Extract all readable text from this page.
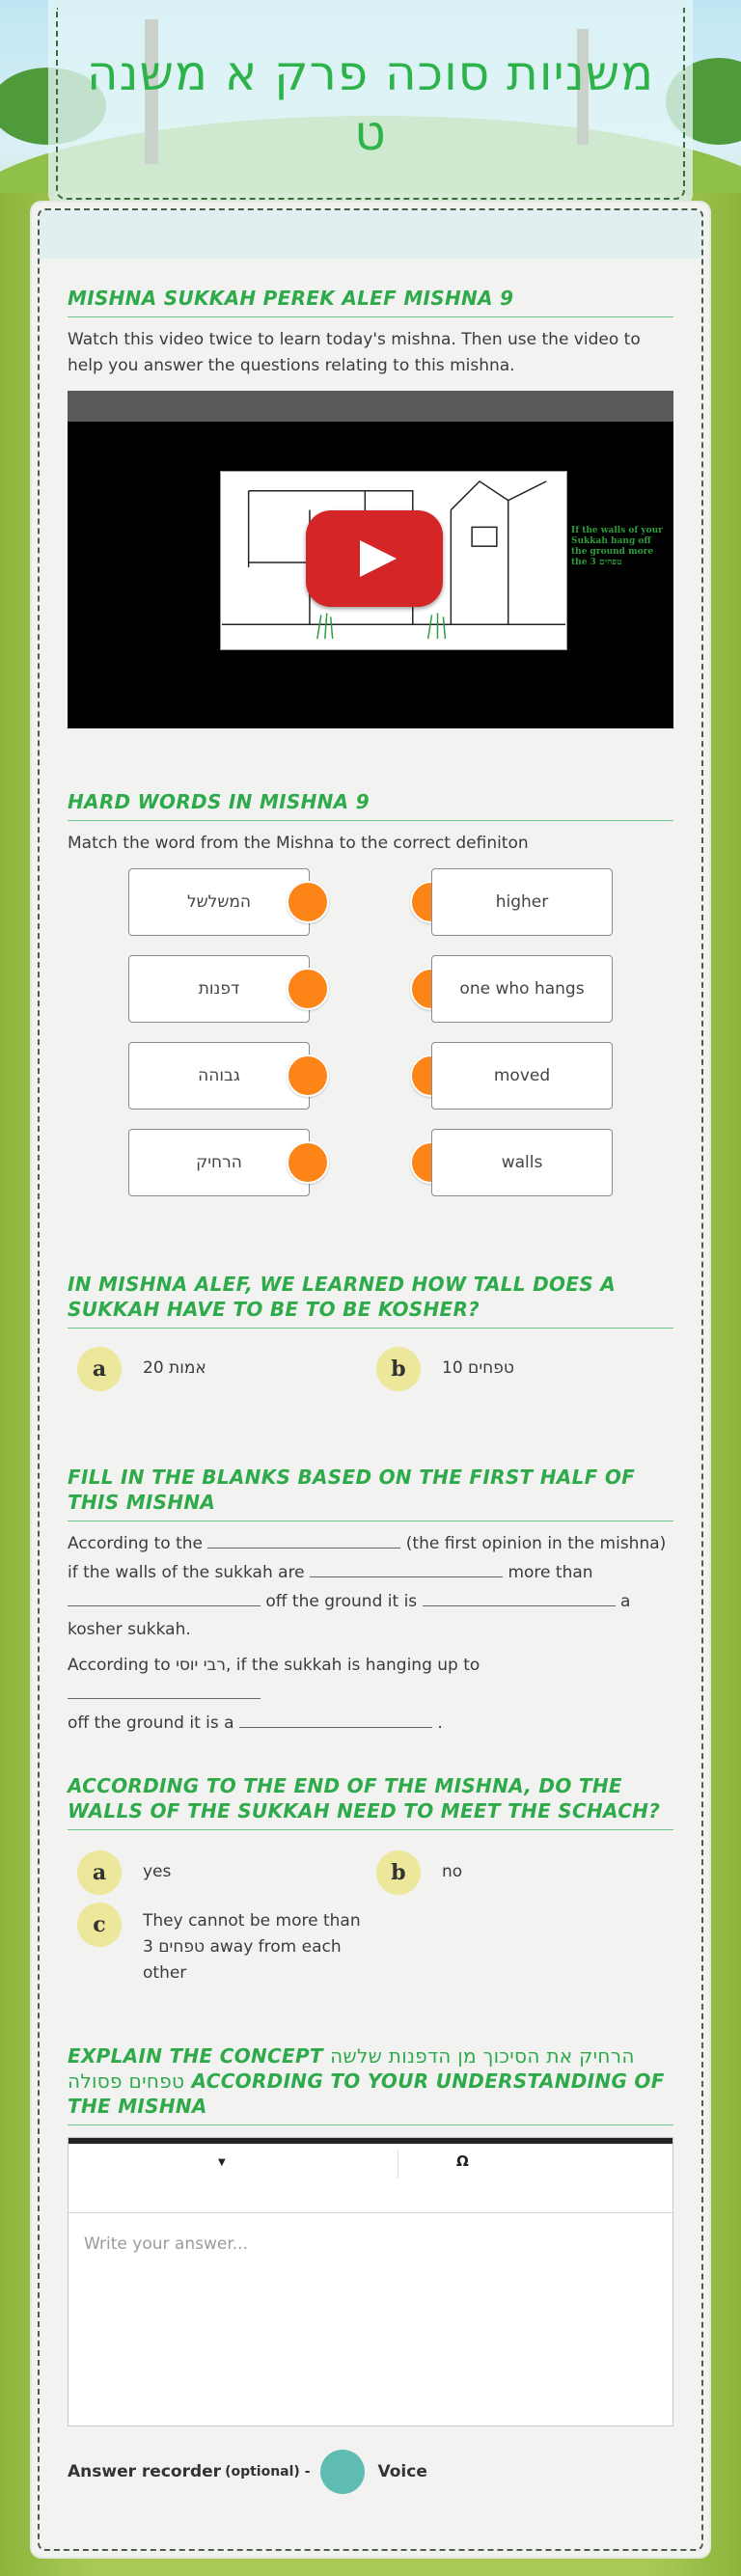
משניות סוכה פרק א משנה ט
MISHNA SUKKAH PEREK ALEF MISHNA 9

Watch this video twice to learn today's mishna. Then use the video to help you answer the questions relating to this mishna.

If the walls of your Sukkah hang off the ground more the 3 טפחים
HARD WORDS IN MISHNA 9

Match the word from the Mishna to the correct definiton

המשלשל	higher
דפנות	one who hangs
גבוהה	moved
הרחיק	walls
IN MISHNA ALEF, WE LEARNED HOW TALL DOES A SUKKAH HAVE TO BE TO BE KOSHER?
a	20 אמות	b	10 טפחים
FILL IN THE BLANKS BASED ON THE FIRST HALF OF THIS MISHNA
According to the	(the first opinion in the mishna)
if the walls of the sukkah are	more than
off the ground it is	a
kosher sukkah.
According to רבי יוסי, if the sukkah is hanging up to
off the ground it is a	.
ACCORDING TO THE END OF THE MISHNA, DO THE WALLS OF THE SUKKAH NEED TO MEET THE SCHACH?
a	yes	b	no
c	They cannot be more than 3 טפחים away from each other
EXPLAIN THE CONCEPT הרחיק את הסיכוך מן הדפנות שלשה טפחים פסולה ACCORDING TO YOUR UNDERSTANDING OF THE MISHNA
▼	Ω
Write your answer...
Answer recorder (optional) -	Voice
